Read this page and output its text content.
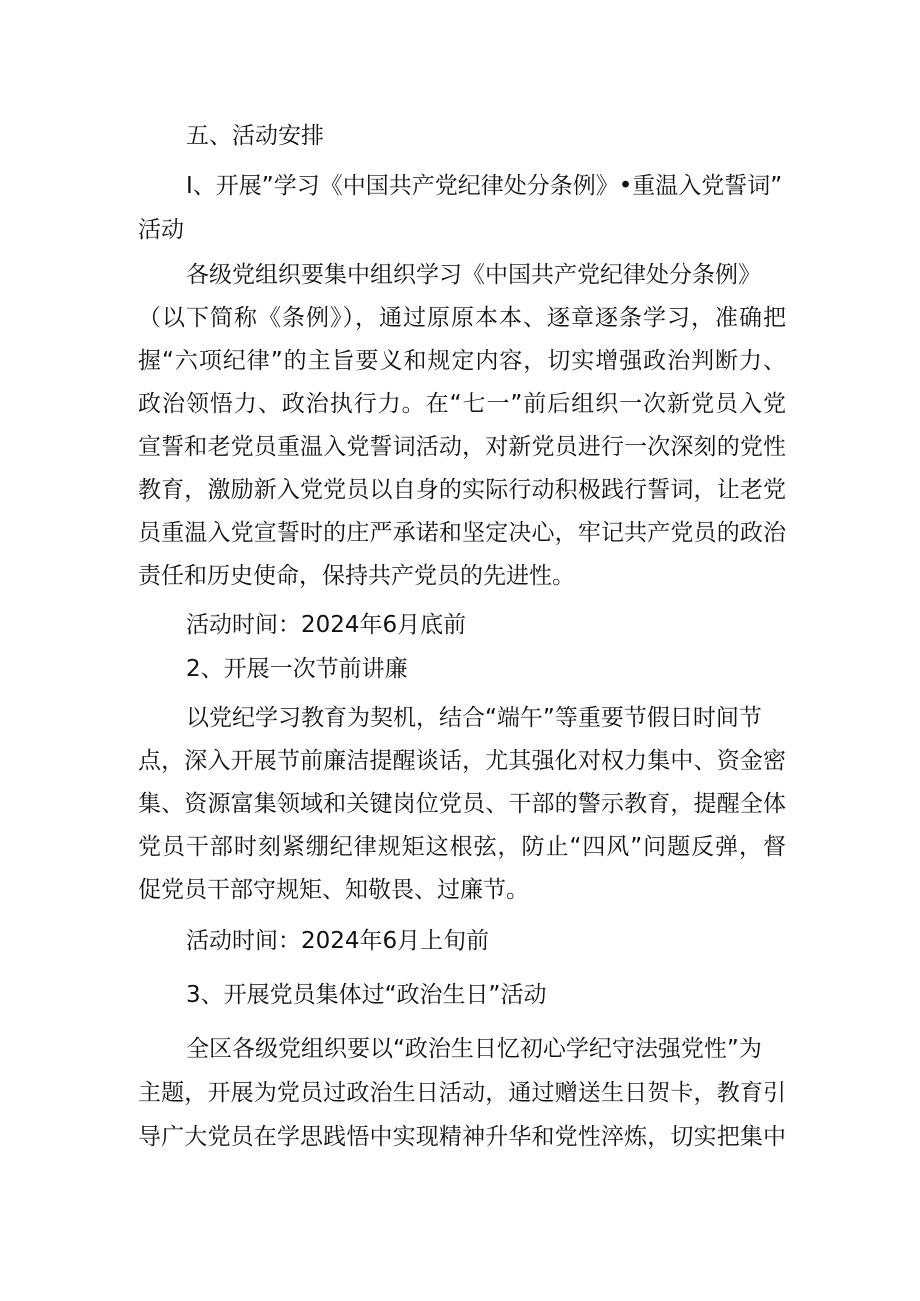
五、活动安排
I、开展”学习《中国共产党纪律处分条例》•重温入党誓词”
活动
各级党组织要集中组织学习《中国共产党纪律处分条例》
（以下简称《条例》），通过原原本本、逐章逐条学习，准确把
握“六项纪律”的主旨要义和规定内容，切实增强政治判断力、
政治领悟力、政治执行力。在“七一”前后组织一次新党员入党
宣誓和老党员重温入党誓词活动，对新党员进行一次深刻的党性
教育，激励新入党党员以自身的实际行动积极践行誓词，让老党
员重温入党宣誓时的庄严承诺和坚定决心，牢记共产党员的政治
责任和历史使命，保持共产党员的先进性。
活动时间：2024年6月底前
2、开展一次节前讲廉
以党纪学习教育为契机，结合“端午”等重要节假日时间节
点，深入开展节前廉洁提醒谈话，尤其强化对权力集中、资金密
集、资源富集领域和关键岗位党员、干部的警示教育，提醒全体
党员干部时刻紧绷纪律规矩这根弦，防止“四风”问题反弹，督
促党员干部守规矩、知敬畏、过廉节。
活动时间：2024年6月上旬前
3、开展党员集体过“政治生日”活动
全区各级党组织要以“政治生日忆初心学纪守法强党性”为
主题，开展为党员过政治生日活动，通过赠送生日贺卡，教育引
导广大党员在学思践悟中实现精神升华和党性淬炼，切实把集中
